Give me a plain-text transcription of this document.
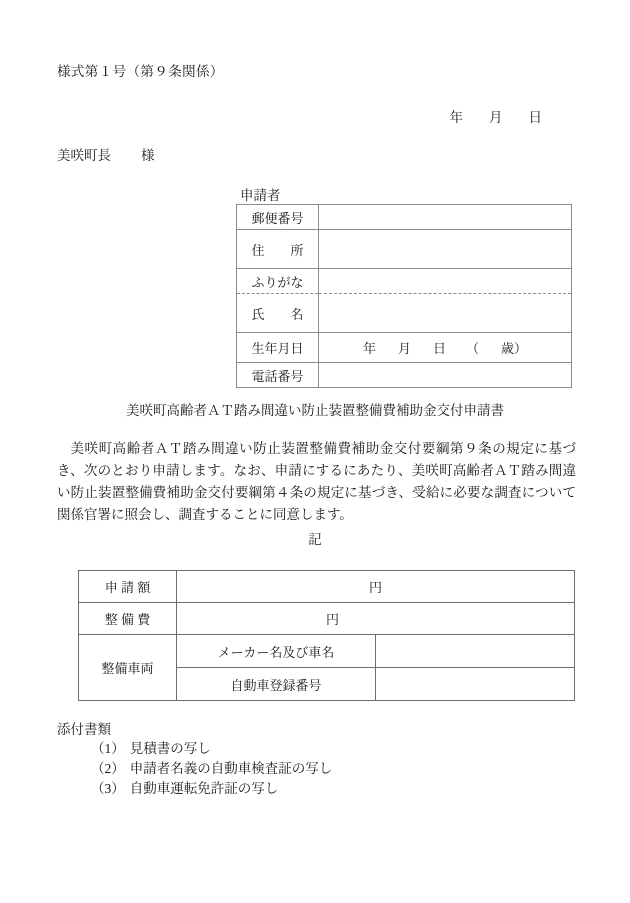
様式第１号（第９条関係）
年 月 日
美咲町長 様
申請者
郵便番号	
住　　所	
ふりがな	
氏　　名	
生年月日	年 月 日 （ 歳）
電話番号	
美咲町高齢者ＡＴ踏み間違い防止装置整備費補助金交付申請書

美咲町高齢者ＡＴ踏み間違い防止装置整備費補助金交付要綱第９条の規定に基づき、次のとおり申請します。なお、申請にするにあたり、美咲町高齢者ＡＴ踏み間違い防止装置整備費補助金交付要綱第４条の規定に基づき、受給に必要な調査について関係官署に照会し、調査することに同意します。

記
申 請 額	円	
整 備 費	円	
整備車両	メーカー名及び車名	
	自動車登録番号	
添付書類
（1） 見積書の写し
（2） 申請者名義の自動車検査証の写し
（3） 自動車運転免許証の写し
